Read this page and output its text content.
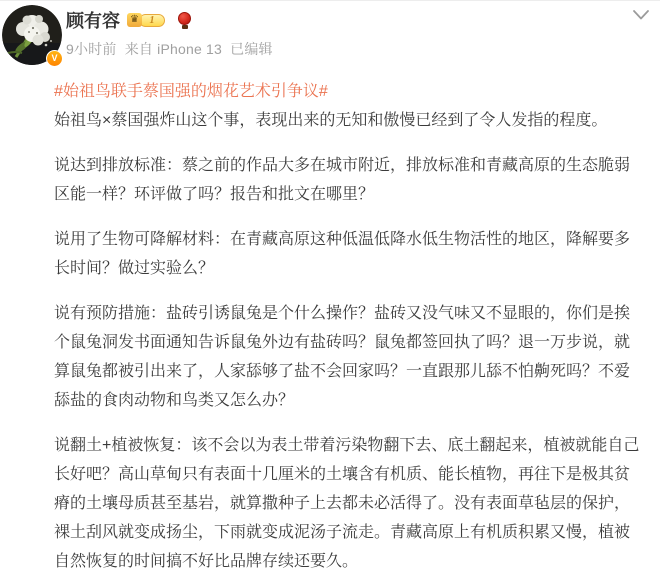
V
顾有容	♛	1
9小时前 来自 iPhone 13 已编辑
#始祖鸟联手蔡国强的烟花艺术引争议#
始祖鸟×蔡国强炸山这个事，表现出来的无知和傲慢已经到了令人发指的程度。

说达到排放标准：蔡之前的作品大多在城市附近，排放标准和青藏高原的生态脆弱区能一样？环评做了吗？报告和批文在哪里？

说用了生物可降解材料：在青藏高原这种低温低降水低生物活性的地区，降解要多长时间？做过实验么？

说有预防措施：盐砖引诱鼠兔是个什么操作？盐砖又没气味又不显眼的，你们是挨个鼠兔洞发书面通知告诉鼠兔外边有盐砖吗？鼠兔都签回执了吗？退一万步说，就算鼠兔都被引出来了，人家舔够了盐不会回家吗？一直跟那儿舔不怕齁死吗？不爱舔盐的食肉动物和鸟类又怎么办？

说翻土+植被恢复：该不会以为表土带着污染物翻下去、底土翻起来，植被就能自己长好吧？高山草甸只有表面十几厘米的土壤含有机质、能长植物，再往下是极其贫瘠的土壤母质甚至基岩，就算撒种子上去都未必活得了。没有表面草毡层的保护，裸土刮风就变成扬尘，下雨就变成泥汤子流走。青藏高原上有机质积累又慢，植被自然恢复的时间搞不好比品牌存续还要久。
